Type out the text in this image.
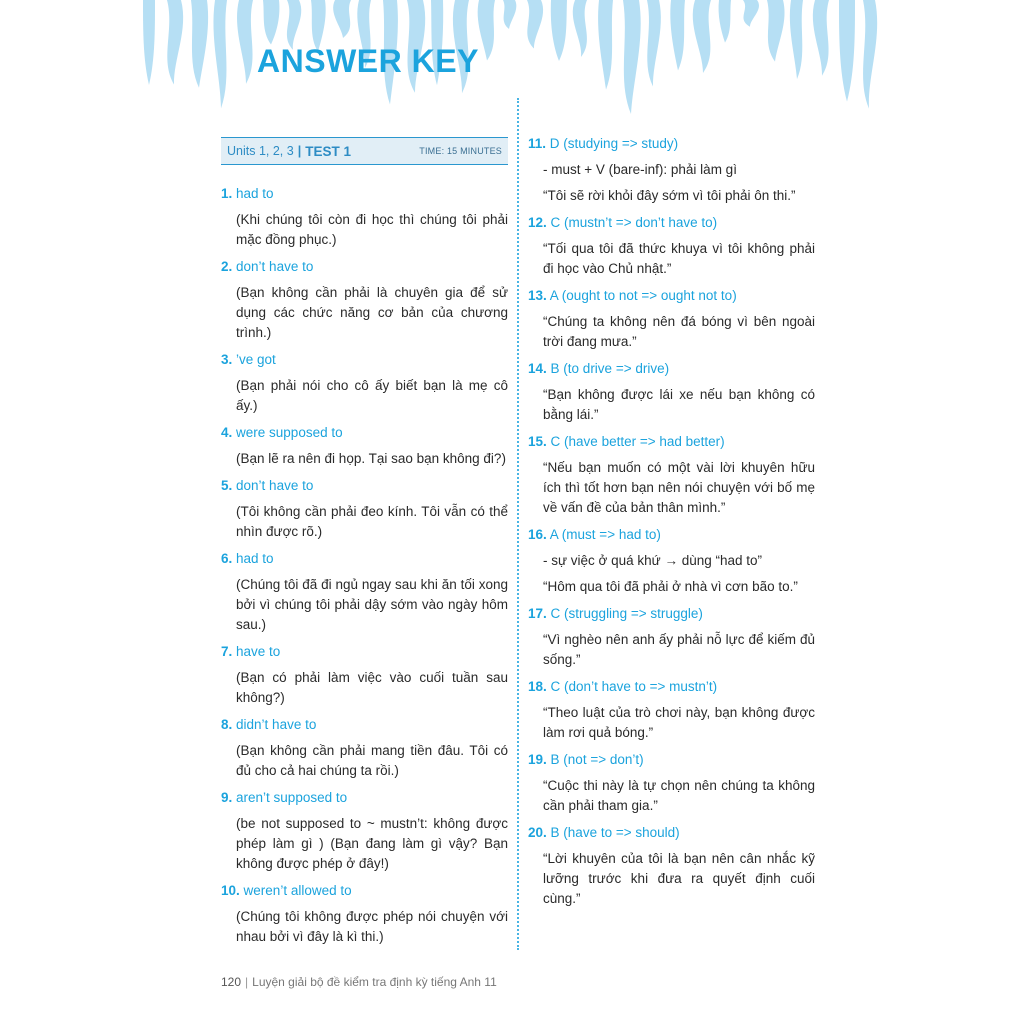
ANSWER KEY
Units 1, 2, 3 | TEST 1	TIME: 15 MINUTES

1. had to

(Khi chúng tôi còn đi học thì chúng tôi phải mặc đồng phục.)

2. don’t have to

(Bạn không cần phải là chuyên gia để sử dụng các chức năng cơ bản của chương trình.)

3. ’ve got

(Bạn phải nói cho cô ấy biết bạn là mẹ cô ấy.)

4. were supposed to

(Bạn lẽ ra nên đi họp. Tại sao bạn không đi?)

5. don’t have to

(Tôi không cần phải đeo kính. Tôi vẫn có thể nhìn được rõ.)

6. had to

(Chúng tôi đã đi ngủ ngay sau khi ăn tối xong bởi vì chúng tôi phải dậy sớm vào ngày hôm sau.)

7. have to

(Bạn có phải làm việc vào cuối tuần sau không?)

8. didn’t have to

(Bạn không cần phải mang tiền đâu. Tôi có đủ cho cả hai chúng ta rồi.)

9. aren’t supposed to

(be not supposed to ~ mustn’t: không được phép làm gì ) (Bạn đang làm gì vậy? Bạn không được phép ở đây!)

10. weren’t allowed to

(Chúng tôi không được phép nói chuyện với nhau bởi vì đây là kì thi.)

11. D (studying => study)

- must + V (bare-inf): phải làm gì

“Tôi sẽ rời khỏi đây sớm vì tôi phải ôn thi.”

12. C (mustn’t => don’t have to)

“Tối qua tôi đã thức khuya vì tôi không phải đi học vào Chủ nhật.”

13. A (ought to not => ought not to)

“Chúng ta không nên đá bóng vì bên ngoài trời đang mưa.”

14. B (to drive => drive)

“Bạn không được lái xe nếu bạn không có bằng lái.”

15. C (have better => had better)

“Nếu bạn muốn có một vài lời khuyên hữu ích thì tốt hơn bạn nên nói chuyện với bố mẹ về vấn đề của bản thân mình.”

16. A (must => had to)

- sự việc ở quá khứ → dùng “had to”

“Hôm qua tôi đã phải ở nhà vì cơn bão to.”

17. C (struggling => struggle)

“Vì nghèo nên anh ấy phải nỗ lực để kiếm đủ sống.”

18. C (don’t have to => mustn’t)

“Theo luật của trò chơi này, bạn không được làm rơi quả bóng.”

19. B (not => don’t)

“Cuộc thi này là tự chọn nên chúng ta không cần phải tham gia.”

20. B (have to => should)

“Lời khuyên của tôi là bạn nên cân nhắc kỹ lưỡng trước khi đưa ra quyết định cuối cùng.”

120 | Luyện giải bộ đề kiểm tra định kỳ tiếng Anh 11
